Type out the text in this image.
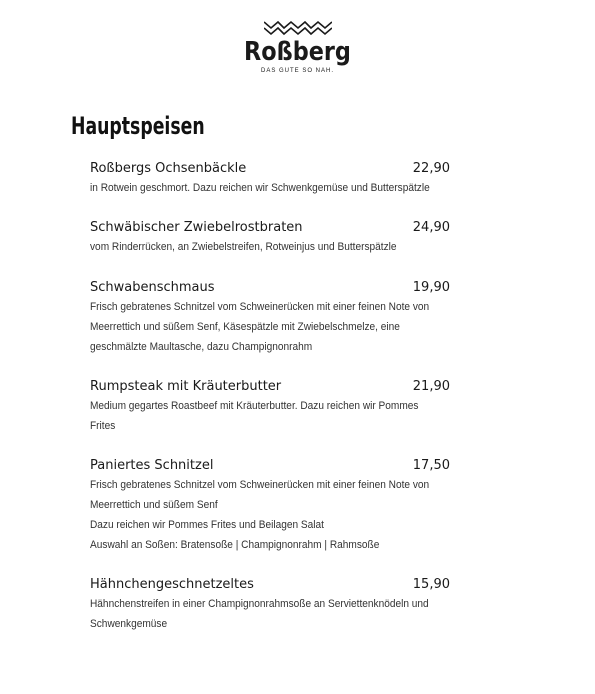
Roßberg
DAS GUTE SO NAH.
Hauptspeisen
Roßbergs Ochsenbäckle	22,90
in Rotwein geschmort. Dazu reichen wir Schwenkgemüse und Butterspätzle
Schwäbischer Zwiebelrostbraten	24,90
vom Rinderrücken, an Zwiebelstreifen, Rotweinjus und Butterspätzle
Schwabenschmaus	19,90
Frisch gebratenes Schnitzel vom Schweinerücken mit einer feinen Note von
Meerrettich und süßem Senf, Käsespätzle mit Zwiebelschmelze, eine
geschmälzte Maultasche, dazu Champignonrahm
Rumpsteak mit Kräuterbutter	21,90
Medium gegartes Roastbeef mit Kräuterbutter. Dazu reichen wir Pommes
Frites
Paniertes Schnitzel	17,50
Frisch gebratenes Schnitzel vom Schweinerücken mit einer feinen Note von
Meerrettich und süßem Senf
Dazu reichen wir Pommes Frites und Beilagen Salat
Auswahl an Soßen: Bratensoße | Champignonrahm | Rahmsoße
Hähnchengeschnetzeltes	15,90
Hähnchenstreifen in einer Champignonrahmsoße an Serviettenknödeln und
Schwenkgemüse
